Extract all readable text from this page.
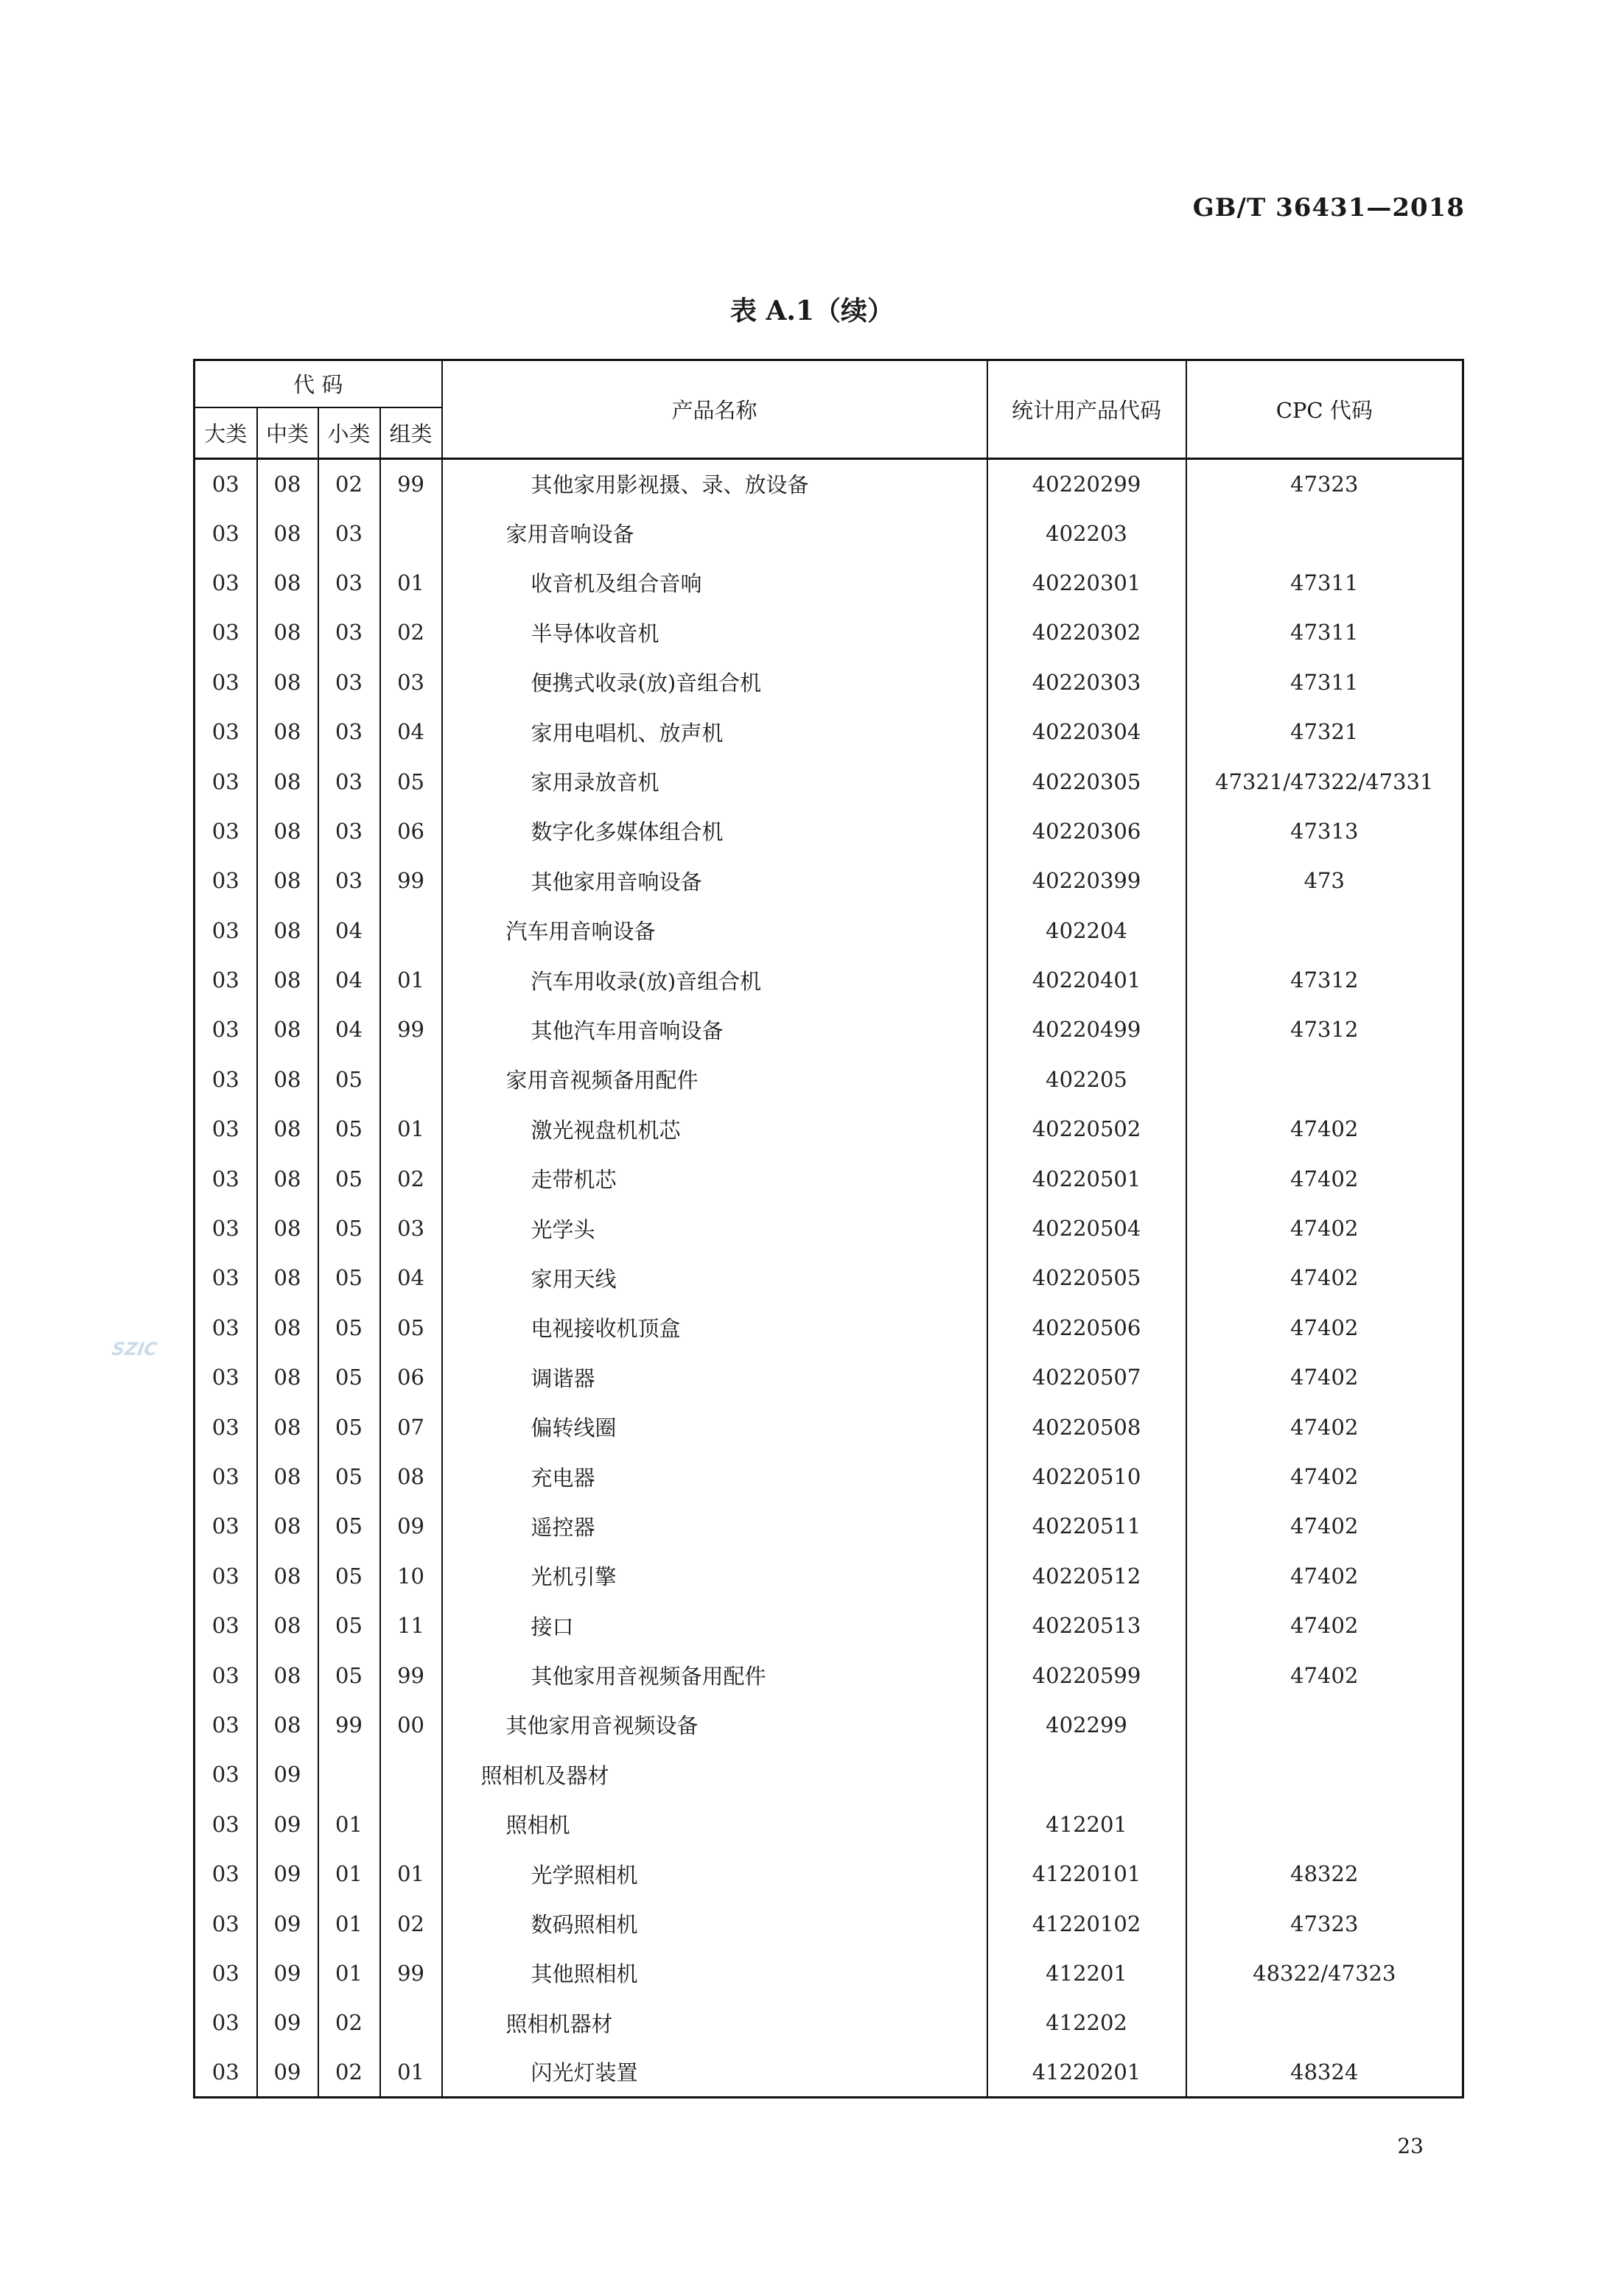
GB/T 36431—2018
表 A.1（续）
SZIC
代 码				产品名称	统计用产品代码	CPC 代码
大类	中类	小类	组类			
03	08	02	99	其他家用影视摄、录、放设备	40220299	47323
03	08	03		家用音响设备	402203	
03	08	03	01	收音机及组合音响	40220301	47311
03	08	03	02	半导体收音机	40220302	47311
03	08	03	03	便携式收录(放)音组合机	40220303	47311
03	08	03	04	家用电唱机、放声机	40220304	47321
03	08	03	05	家用录放音机	40220305	47321/47322/47331
03	08	03	06	数字化多媒体组合机	40220306	47313
03	08	03	99	其他家用音响设备	40220399	473
03	08	04		汽车用音响设备	402204	
03	08	04	01	汽车用收录(放)音组合机	40220401	47312
03	08	04	99	其他汽车用音响设备	40220499	47312
03	08	05		家用音视频备用配件	402205	
03	08	05	01	激光视盘机机芯	40220502	47402
03	08	05	02	走带机芯	40220501	47402
03	08	05	03	光学头	40220504	47402
03	08	05	04	家用天线	40220505	47402
03	08	05	05	电视接收机顶盒	40220506	47402
03	08	05	06	调谐器	40220507	47402
03	08	05	07	偏转线圈	40220508	47402
03	08	05	08	充电器	40220510	47402
03	08	05	09	遥控器	40220511	47402
03	08	05	10	光机引擎	40220512	47402
03	08	05	11	接口	40220513	47402
03	08	05	99	其他家用音视频备用配件	40220599	47402
03	08	99	00	其他家用音视频设备	402299	
03	09			照相机及器材		
03	09	01		照相机	412201	
03	09	01	01	光学照相机	41220101	48322
03	09	01	02	数码照相机	41220102	47323
03	09	01	99	其他照相机	412201	48322/47323
03	09	02		照相机器材	412202	
03	09	02	01	闪光灯装置	41220201	48324
23
